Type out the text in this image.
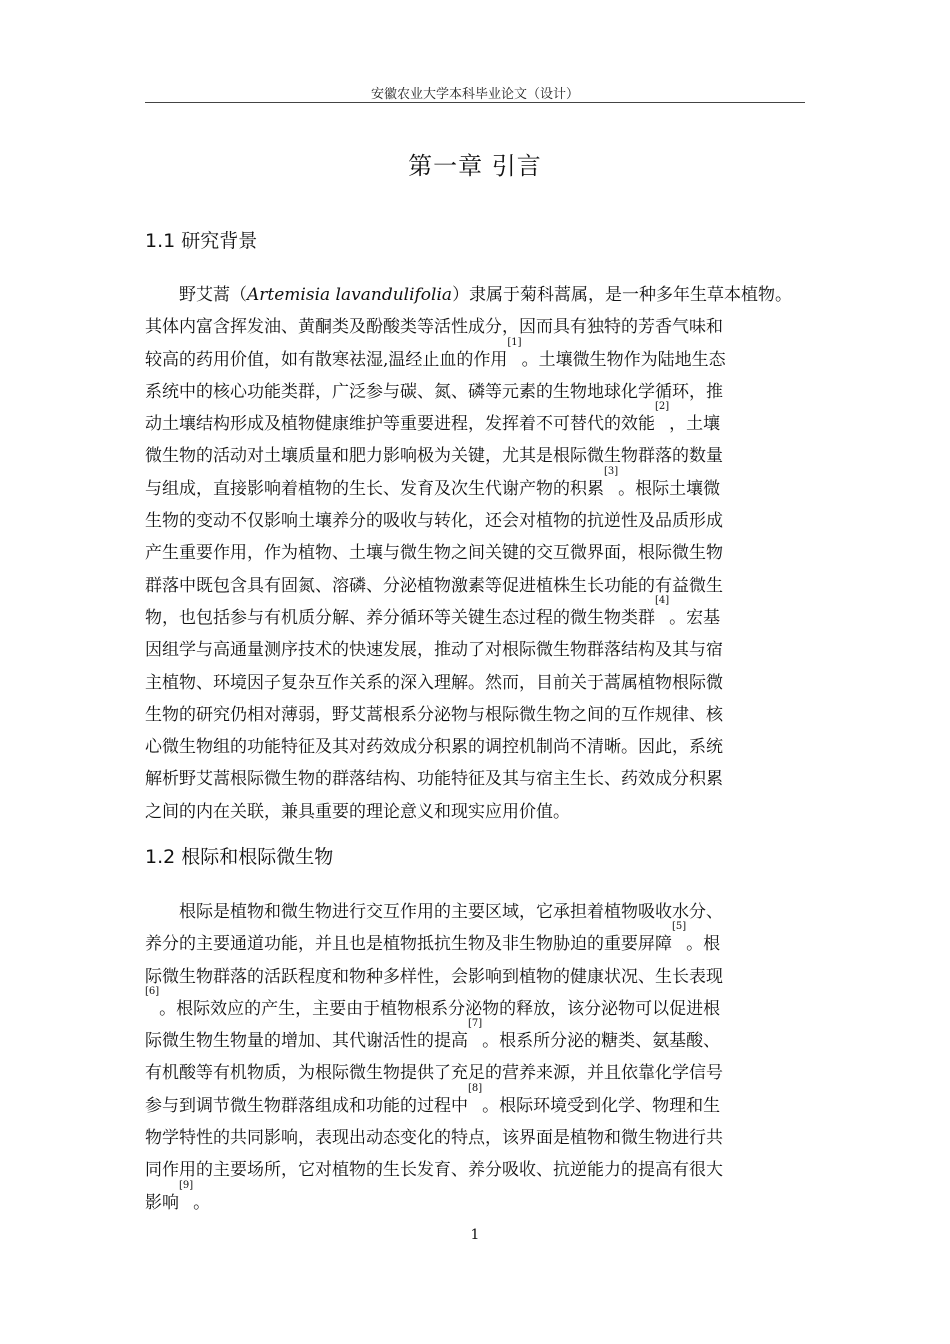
安徽农业大学本科毕业论文（设计）
第一章 引言
1.1 研究背景
野艾蒿（Artemisia lavandulifolia）隶属于菊科蒿属，是一种多年生草本植物。
其体内富含挥发油、黄酮类及酚酸类等活性成分，因而具有独特的芳香气味和
较高的药用价值，如有散寒祛湿,温经止血的作用[1]。土壤微生物作为陆地生态
系统中的核心功能类群，广泛参与碳、氮、磷等元素的生物地球化学循环，推
动土壤结构形成及植物健康维护等重要进程，发挥着不可替代的效能[2]，土壤
微生物的活动对土壤质量和肥力影响极为关键，尤其是根际微生物群落的数量
与组成，直接影响着植物的生长、发育及次生代谢产物的积累[3]。根际土壤微
生物的变动不仅影响土壤养分的吸收与转化，还会对植物的抗逆性及品质形成
产生重要作用，作为植物、土壤与微生物之间关键的交互微界面，根际微生物
群落中既包含具有固氮、溶磷、分泌植物激素等促进植株生长功能的有益微生
物，也包括参与有机质分解、养分循环等关键生态过程的微生物类群[4]。宏基
因组学与高通量测序技术的快速发展，推动了对根际微生物群落结构及其与宿
主植物、环境因子复杂互作关系的深入理解。然而，目前关于蒿属植物根际微
生物的研究仍相对薄弱，野艾蒿根系分泌物与根际微生物之间的互作规律、核
心微生物组的功能特征及其对药效成分积累的调控机制尚不清晰。因此，系统
解析野艾蒿根际微生物的群落结构、功能特征及其与宿主生长、药效成分积累
之间的内在关联，兼具重要的理论意义和现实应用价值。
1.2 根际和根际微生物
根际是植物和微生物进行交互作用的主要区域，它承担着植物吸收水分、
养分的主要通道功能，并且也是植物抵抗生物及非生物胁迫的重要屏障[5]。根
际微生物群落的活跃程度和物种多样性，会影响到植物的健康状况、生长表现
[6]。根际效应的产生，主要由于植物根系分泌物的释放，该分泌物可以促进根
际微生物生物量的增加、其代谢活性的提高[7]。根系所分泌的糖类、氨基酸、
有机酸等有机物质，为根际微生物提供了充足的营养来源，并且依靠化学信号
参与到调节微生物群落组成和功能的过程中[8]。根际环境受到化学、物理和生
物学特性的共同影响，表现出动态变化的特点，该界面是植物和微生物进行共
同作用的主要场所，它对植物的生长发育、养分吸收、抗逆能力的提高有很大
影响[9]。
1
